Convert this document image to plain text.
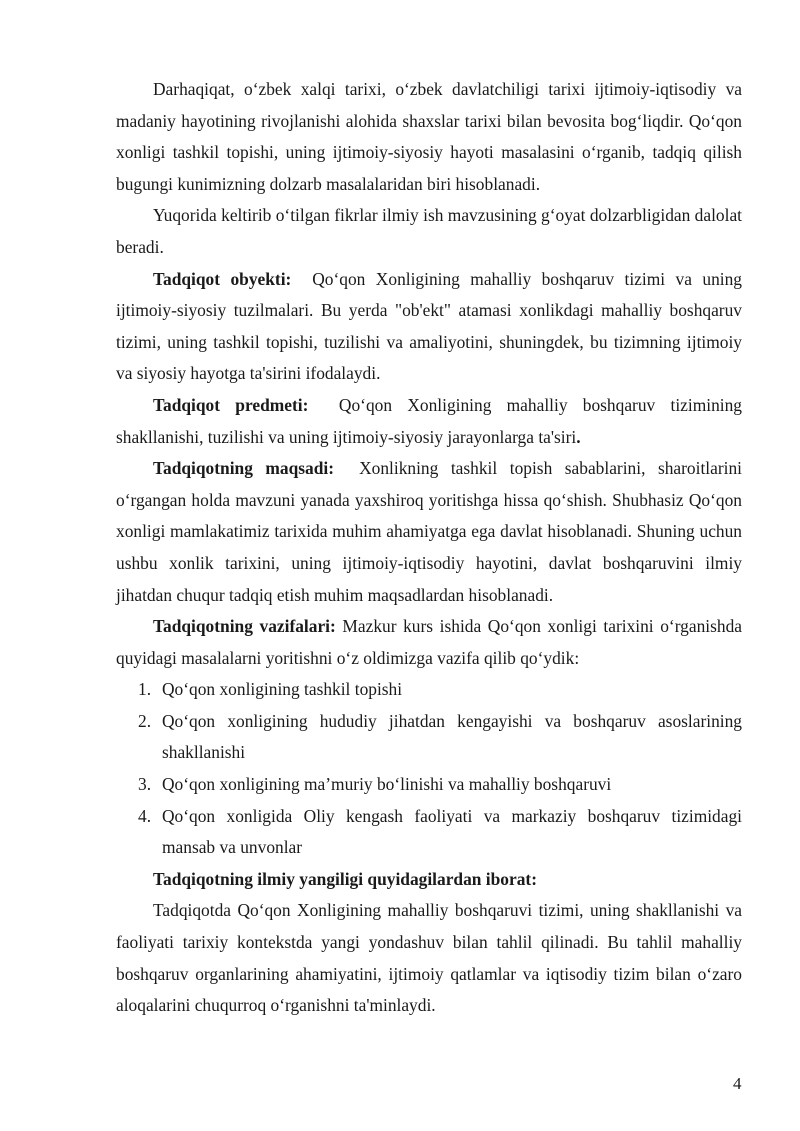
Darhaqiqat, o‘zbek xalqi tarixi, o‘zbek davlatchiligi tarixi ijtimoiy-iqtisodiy va madaniy hayotining rivojlanishi alohida shaxslar tarixi bilan bevosita bog‘liqdir. Qo‘qon xonligi tashkil topishi, uning ijtimoiy-siyosiy hayoti masalasini o‘rganib, tadqiq qilish bugungi kunimizning dolzarb masalalaridan biri hisoblanadi.

Yuqorida keltirib o‘tilgan fikrlar ilmiy ish mavzusining g‘oyat dolzarbligidan dalolat beradi.

Tadqiqot obyekti:  Qo‘qon Xonligining mahalliy boshqaruv tizimi va uning ijtimoiy-siyosiy tuzilmalari. Bu yerda "ob'ekt" atamasi xonlikdagi mahalliy boshqaruv tizimi, uning tashkil topishi, tuzilishi va amaliyotini, shuningdek, bu tizimning ijtimoiy va siyosiy hayotga ta'sirini ifodalaydi.

Tadqiqot predmeti:  Qo‘qon Xonligining mahalliy boshqaruv tizimining shakllanishi, tuzilishi va uning ijtimoiy-siyosiy jarayonlarga ta'siri.

Tadqiqotning maqsadi:  Xonlikning tashkil topish sabablarini, sharoitlarini o‘rgangan holda mavzuni yanada yaxshiroq yoritishga hissa qo‘shish. Shubhasiz Qo‘qon xonligi mamlakatimiz tarixida muhim ahamiyatga ega davlat hisoblanadi. Shuning uchun ushbu xonlik tarixini, uning ijtimoiy-iqtisodiy hayotini, davlat boshqaruvini ilmiy jihatdan chuqur tadqiq etish muhim maqsadlardan hisoblanadi.

Tadqiqotning vazifalari: Mazkur kurs ishida Qo‘qon xonligi tarixini o‘rganishda quyidagi masalalarni yoritishni o‘z oldimizga vazifa qilib qo‘ydik:

1. Qo‘qon xonligining tashkil topishi
2. Qo‘qon xonligining hududiy jihatdan kengayishi va boshqaruv asoslarining shakllanishi
3. Qo‘qon xonligining ma’muriy bo‘linishi va mahalliy boshqaruvi
4. Qo‘qon xonligida Oliy kengash faoliyati va markaziy boshqaruv tizimidagi mansab va unvonlar

Tadqiqotning ilmiy yangiligi quyidagilardan iborat:

Tadqiqotda Qo‘qon Xonligining mahalliy boshqaruvi tizimi, uning shakllanishi va faoliyati tarixiy kontekstda yangi yondashuv bilan tahlil qilinadi. Bu tahlil mahalliy boshqaruv organlarining ahamiyatini, ijtimoiy qatlamlar va iqtisodiy tizim bilan o‘zaro aloqalarini chuqurroq o‘rganishni ta'minlaydi.

4
